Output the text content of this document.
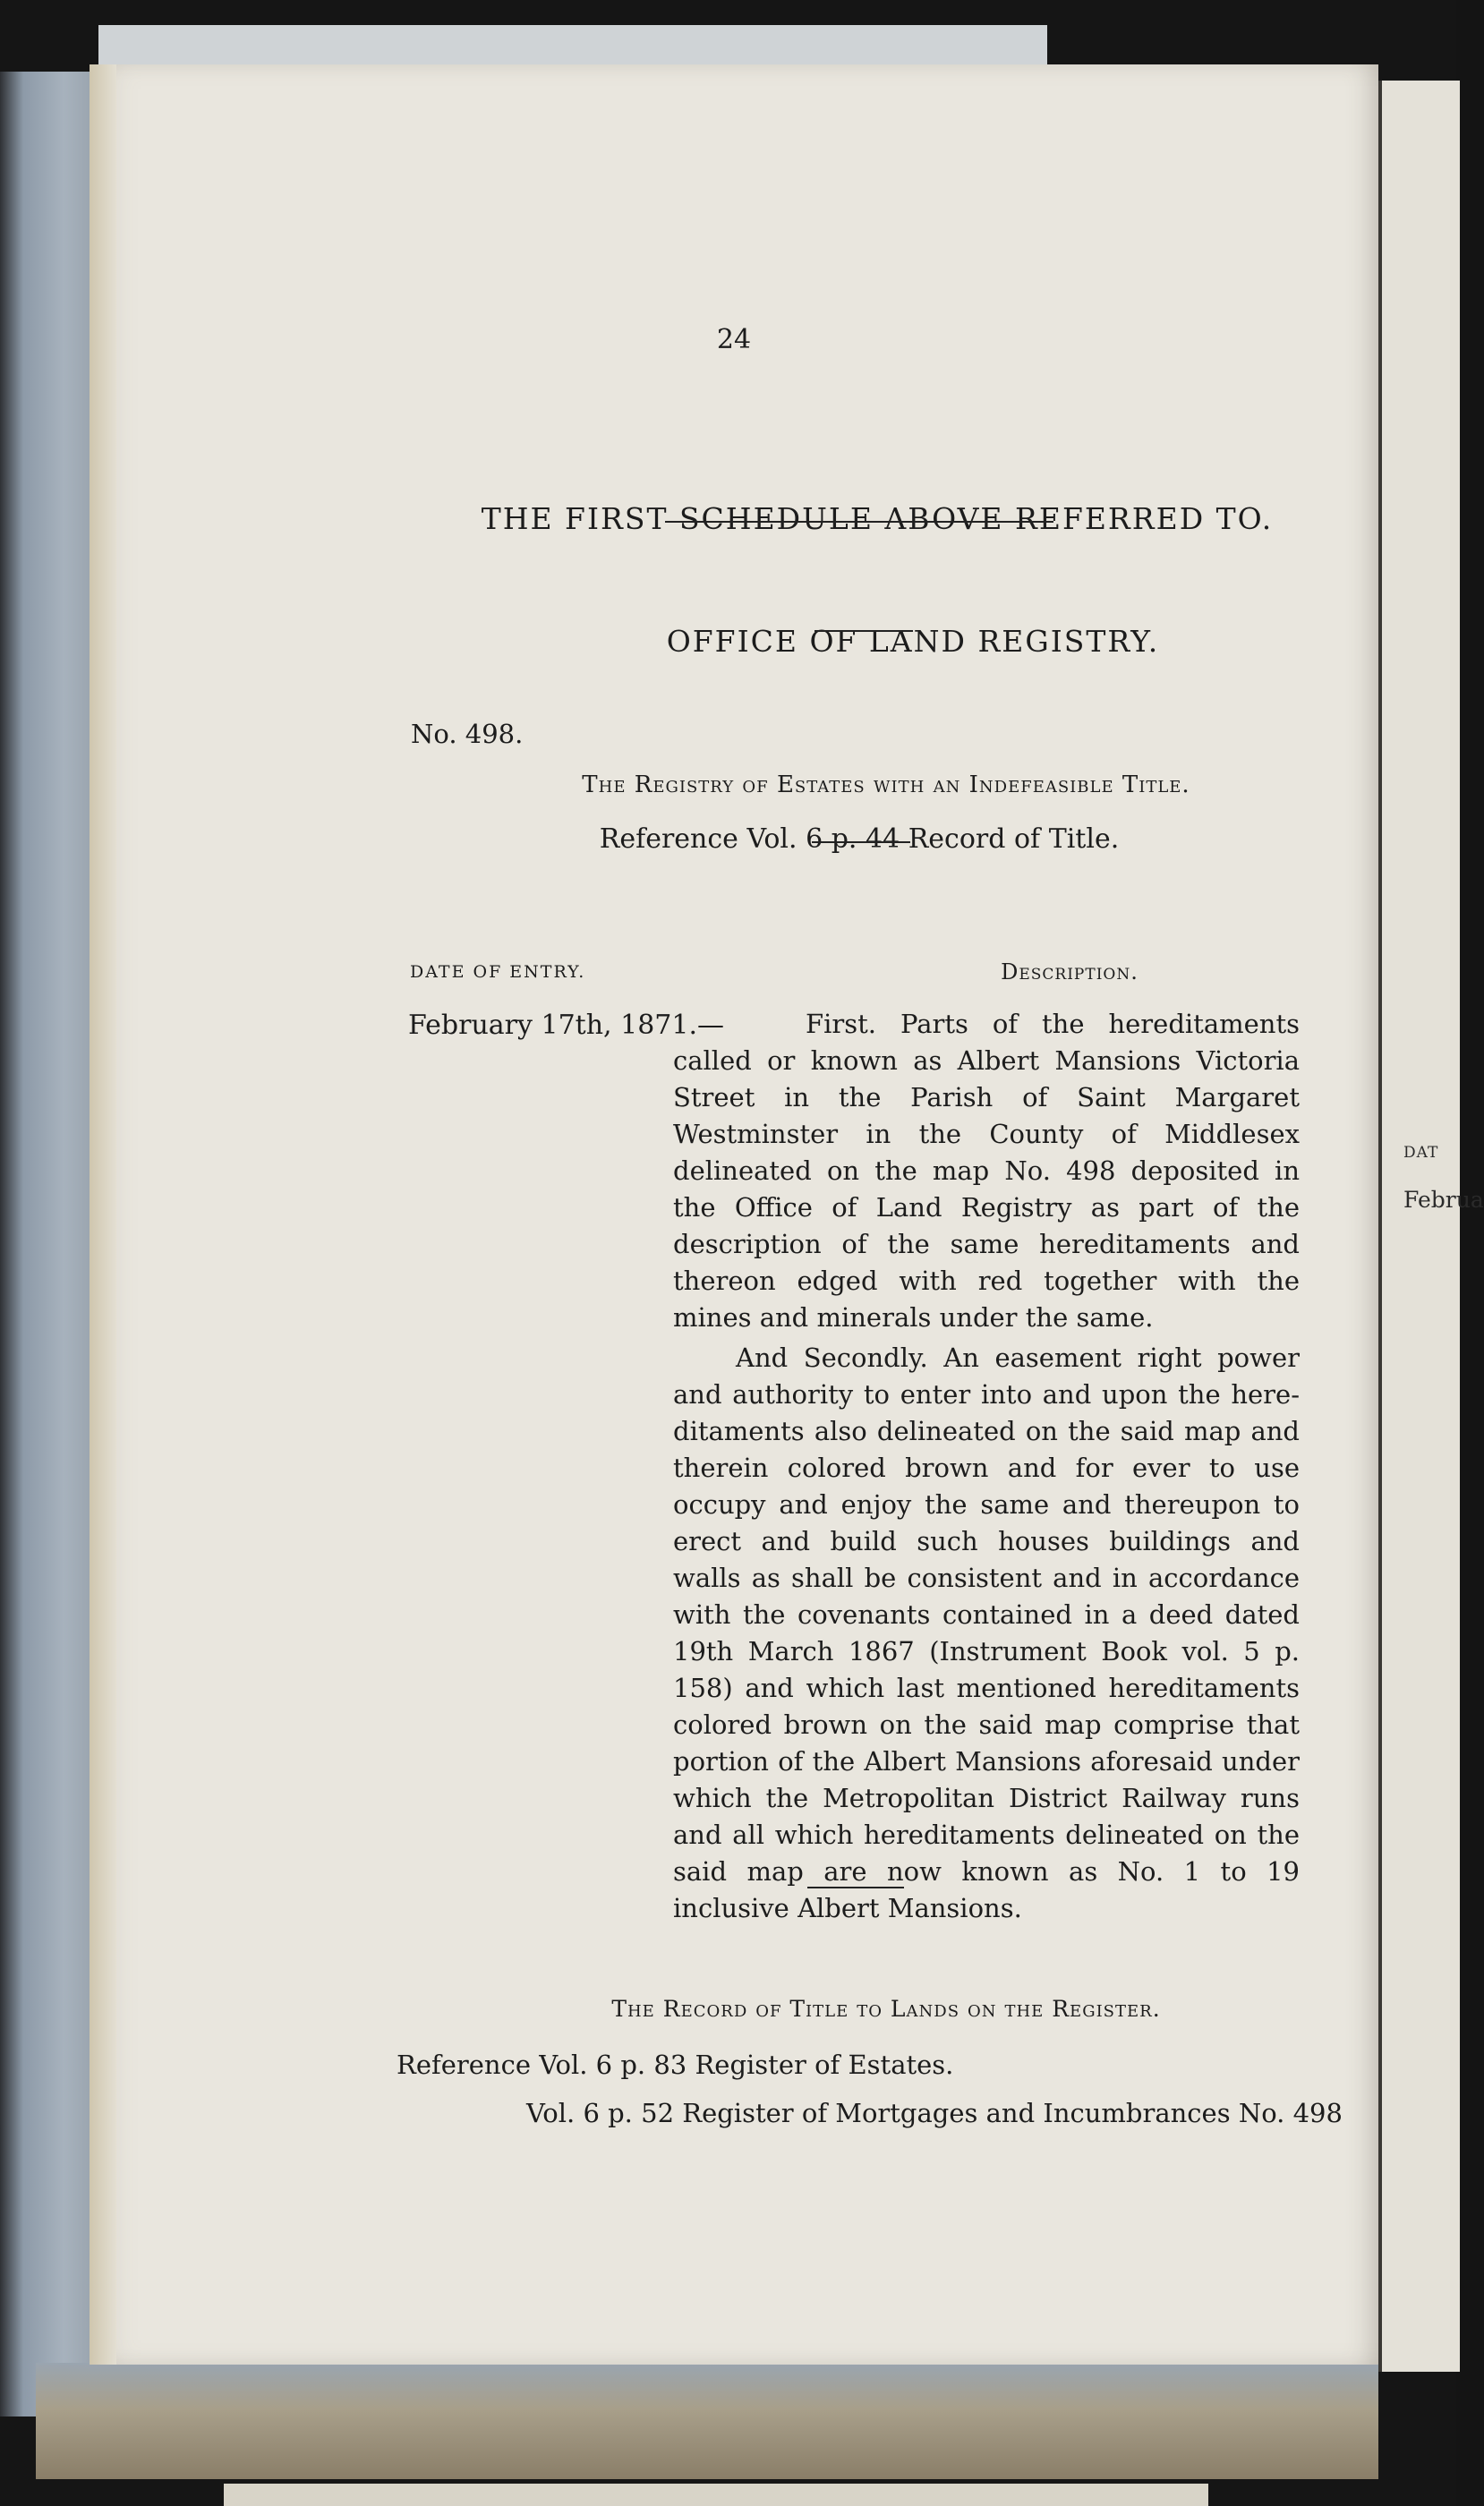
DAT
Februa
24
THE FIRST SCHEDULE ABOVE REFERRED TO.
OFFICE OF LAND REGISTRY.
No. 498.
The Registry of Estates with an Indefeasible Title.
Reference Vol. 6 p. 44 Record of Title.
DATE OF ENTRY.	Description.
February 17th, 1871.—	First. Parts of the hereditaments called or known as Albert Mansions Victoria Street in the Parish of Saint Margaret Westminster in the County of Middlesex delineated on the map No. 498 deposited in the Office of Land Registry as part of the description of the same hereditaments and thereon edged with red together with the mines and minerals under the same.

And Secondly. An easement right power and authority to enter into and upon the hereditaments also delineated on the said map and therein colored brown and for ever to use occupy and enjoy the same and thereupon to erect and build such houses buildings and walls as shall be consistent and in accordance with the covenants contained in a deed dated 19th March 1867 (Instrument Book vol. 5 p. 158) and which last mentioned hereditaments colored brown on the said map comprise that portion of the Albert Mansions aforesaid under which the Metropolitan District Railway runs and all which hereditaments delineated on the said map are now known as No. 1 to 19 inclusive Albert Mansions.

The Record of Title to Lands on the Register.
Reference Vol. 6 p. 83 Register of Estates.
Vol. 6 p. 52 Register of Mortgages and Incumbrances No. 498
